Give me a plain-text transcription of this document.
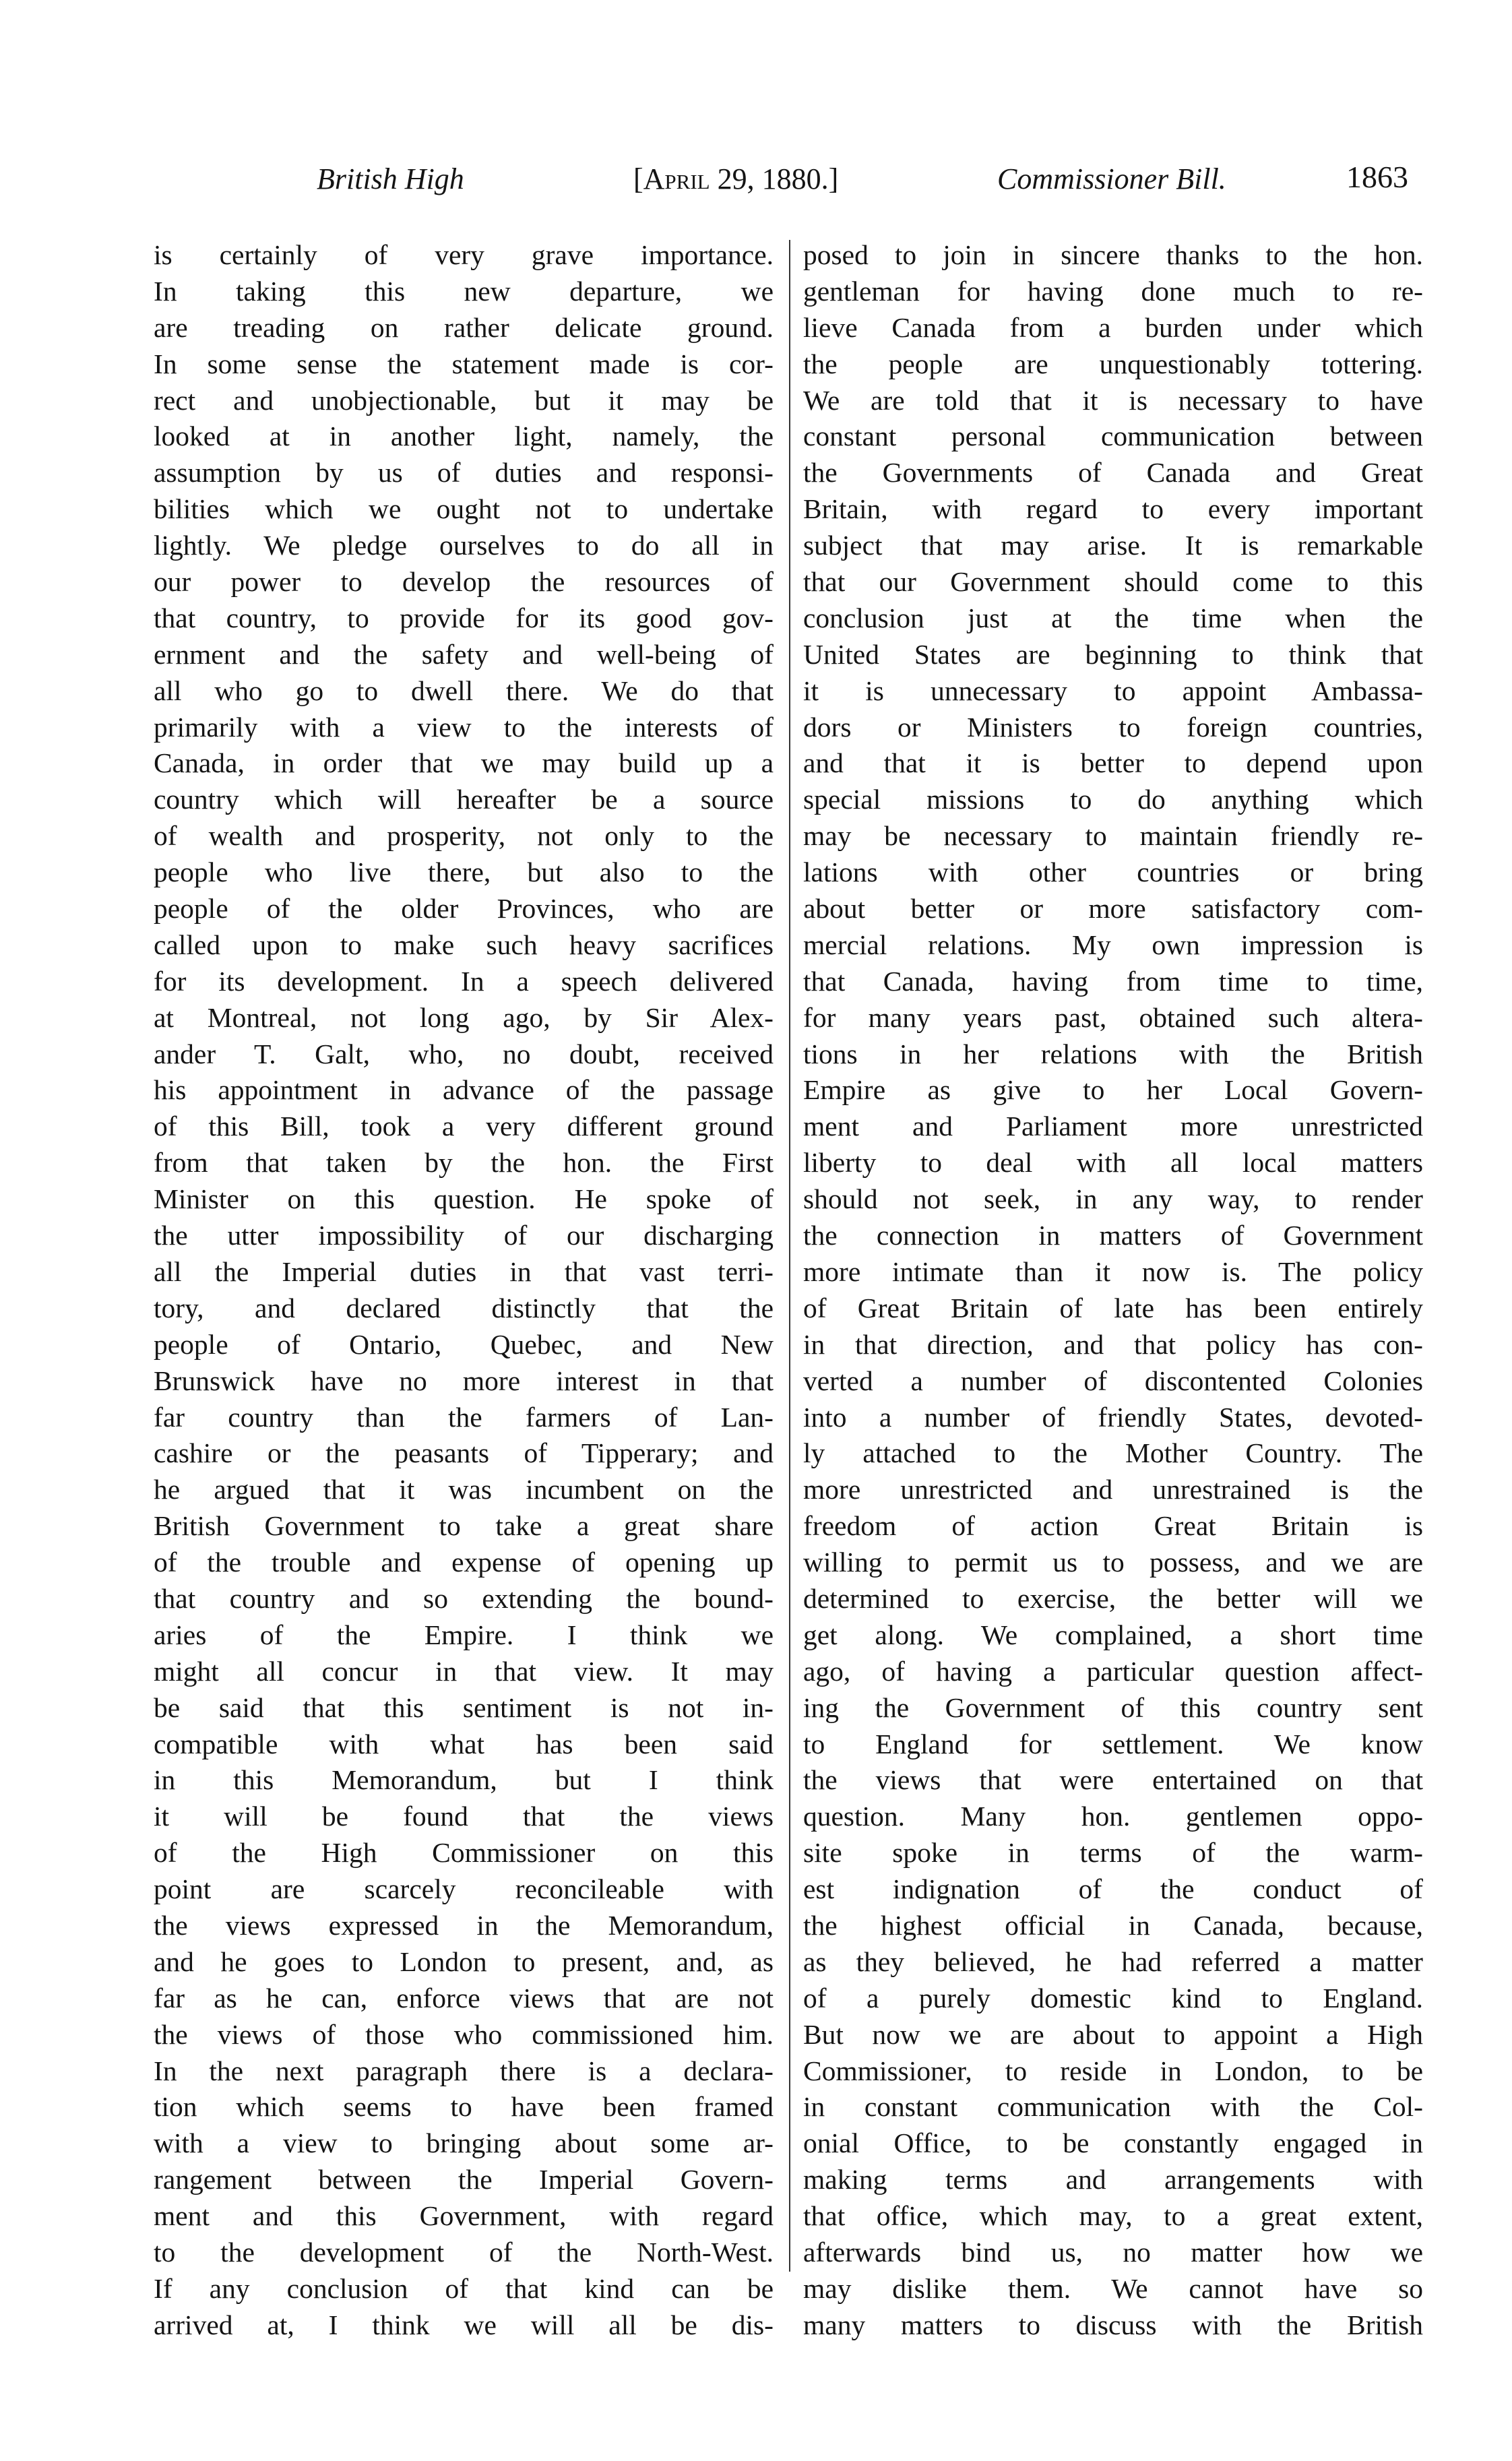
British High	[April 29, 1880.]	Commissioner Bill.	1863
is certainly of very grave importance.
In taking this new departure, we
are treading on rather delicate ground.
In some sense the statement made is cor-
rect and unobjectionable, but it may be
looked at in another light, namely, the
assumption by us of duties and responsi-
bilities which we ought not to undertake
lightly. We pledge ourselves to do all in
our power to develop the resources of
that country, to provide for its good gov-
ernment and the safety and well-being of
all who go to dwell there. We do that
primarily with a view to the interests of
Canada, in order that we may build up a
country which will hereafter be a source
of wealth and prosperity, not only to the
people who live there, but also to the
people of the older Provinces, who are
called upon to make such heavy sacrifices
for its development. In a speech delivered
at Montreal, not long ago, by Sir Alex-
ander T. Galt, who, no doubt, received
his appointment in advance of the passage
of this Bill, took a very different ground
from that taken by the hon. the First
Minister on this question. He spoke of
the utter impossibility of our discharging
all the Imperial duties in that vast terri-
tory, and declared distinctly that the
people of Ontario, Quebec, and New
Brunswick have no more interest in that
far country than the farmers of Lan-
cashire or the peasants of Tipperary; and
he argued that it was incumbent on the
British Government to take a great share
of the trouble and expense of opening up
that country and so extending the bound-
aries of the Empire. I think we
might all concur in that view. It may
be said that this sentiment is not in-
compatible with what has been said
in this Memorandum, but I think
it will be found that the views
of the High Commissioner on this
point are scarcely reconcileable with
the views expressed in the Memorandum,
and he goes to London to present, and, as
far as he can, enforce views that are not
the views of those who commissioned him.
In the next paragraph there is a declara-
tion which seems to have been framed
with a view to bringing about some ar-
rangement between the Imperial Govern-
ment and this Government, with regard
to the development of the North-West.
If any conclusion of that kind can be
arrived at, I think we will all be dis-
posed to join in sincere thanks to the hon.
gentleman for having done much to re-
lieve Canada from a burden under which
the people are unquestionably tottering.
We are told that it is necessary to have
constant personal communication between
the Governments of Canada and Great
Britain, with regard to every important
subject that may arise. It is remarkable
that our Government should come to this
conclusion just at the time when the
United States are beginning to think that
it is unnecessary to appoint Ambassa-
dors or Ministers to foreign countries,
and that it is better to depend upon
special missions to do anything which
may be necessary to maintain friendly re-
lations with other countries or bring
about better or more satisfactory com-
mercial relations. My own impression is
that Canada, having from time to time,
for many years past, obtained such altera-
tions in her relations with the British
Empire as give to her Local Govern-
ment and Parliament more unrestricted
liberty to deal with all local matters
should not seek, in any way, to render
the connection in matters of Government
more intimate than it now is. The policy
of Great Britain of late has been entirely
in that direction, and that policy has con-
verted a number of discontented Colonies
into a number of friendly States, devoted-
ly attached to the Mother Country. The
more unrestricted and unrestrained is the
freedom of action Great Britain is
willing to permit us to possess, and we are
determined to exercise, the better will we
get along. We complained, a short time
ago, of having a particular question affect-
ing the Government of this country sent
to England for settlement. We know
the views that were entertained on that
question. Many hon. gentlemen oppo-
site spoke in terms of the warm-
est indignation of the conduct of
the highest official in Canada, because,
as they believed, he had referred a matter
of a purely domestic kind to England.
But now we are about to appoint a High
Commissioner, to reside in London, to be
in constant communication with the Col-
onial Office, to be constantly engaged in
making terms and arrangements with
that office, which may, to a great extent,
afterwards bind us, no matter how we
may dislike them. We cannot have so
many matters to discuss with the British
